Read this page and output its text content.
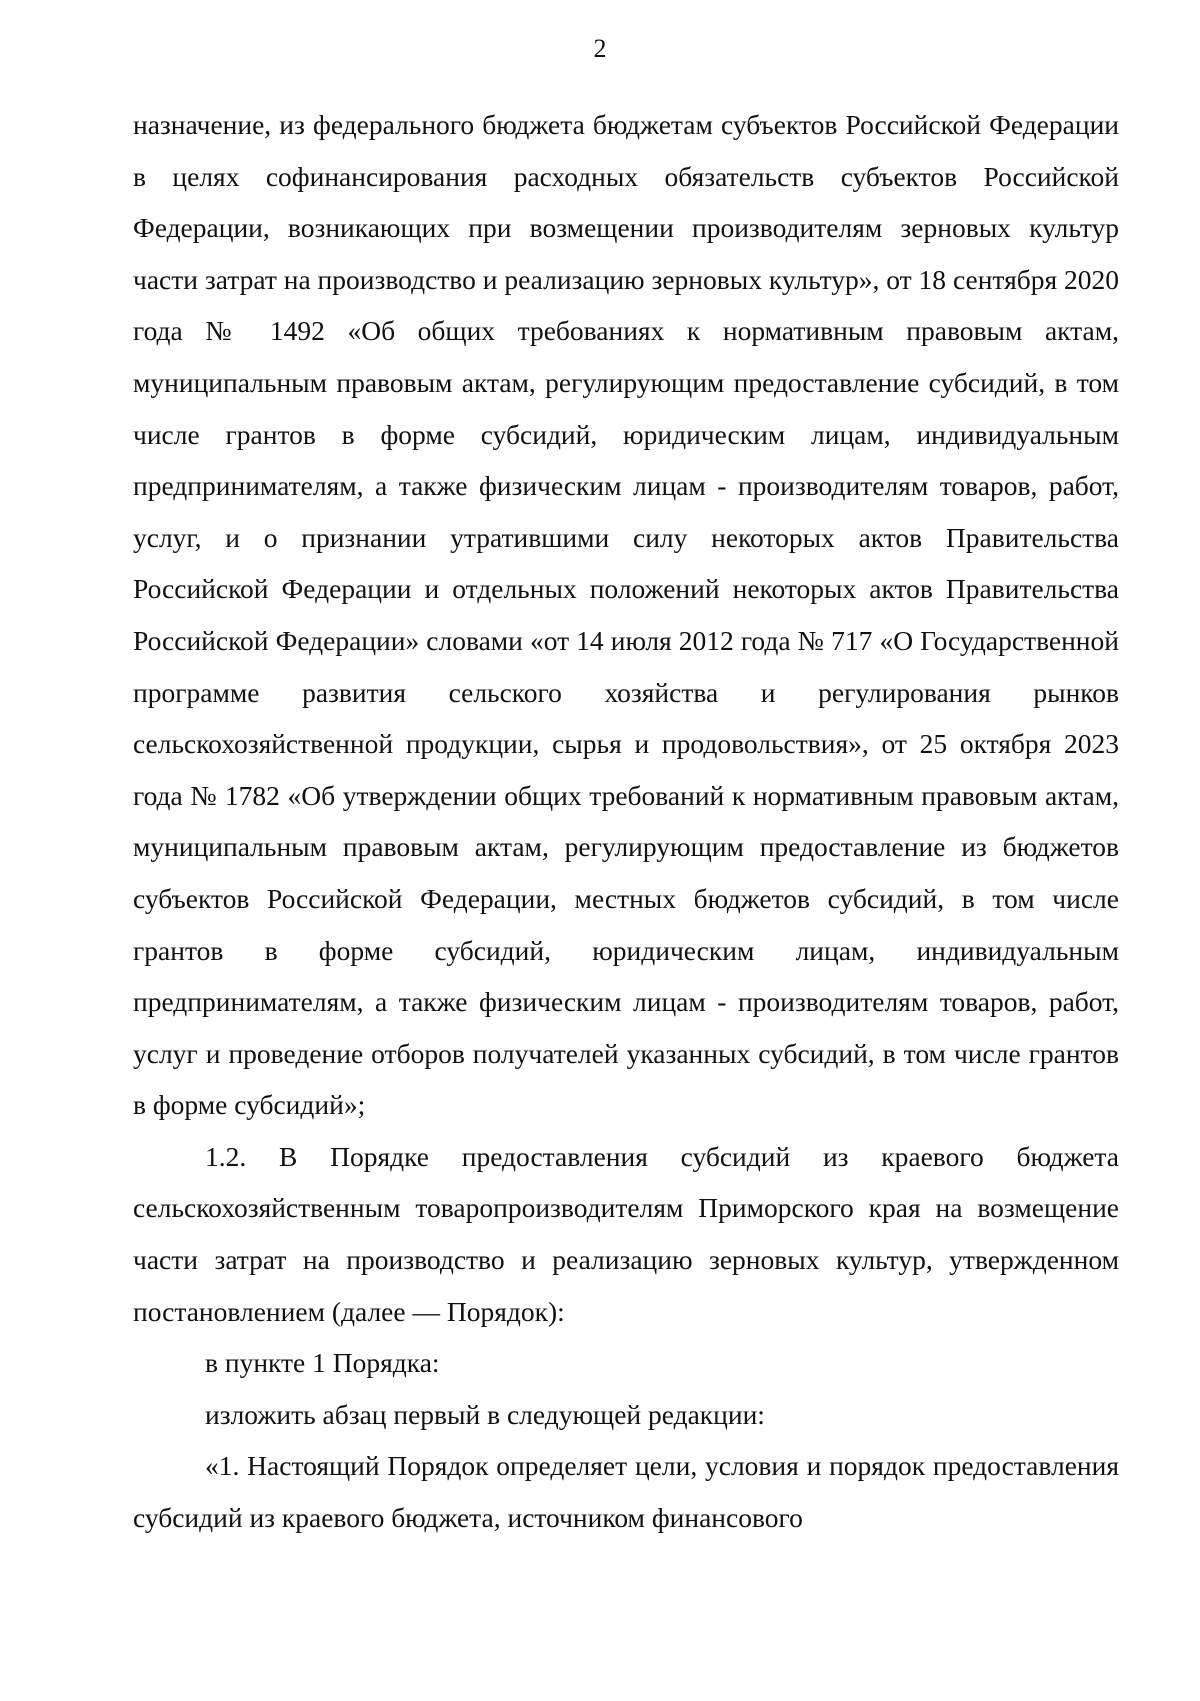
2

назначение, из федерального бюджета бюджетам субъектов Российской Федерации в целях софинансирования расходных обязательств субъектов Российской Федерации, возникающих при возмещении производителям зерновых культур части затрат на производство и реализацию зерновых культур», от 18 сентября 2020 года № 1492 «Об общих требованиях к нормативным правовым актам, муниципальным правовым актам, регулирующим предоставление субсидий, в том числе грантов в форме субсидий, юридическим лицам, индивидуальным предпринимателям, а также физическим лицам - производителям товаров, работ, услуг, и о признании утратившими силу некоторых актов Правительства Российской Федерации и отдельных положений некоторых актов Правительства Российской Федерации» словами «от 14 июля 2012 года № 717 «О Государственной программе развития сельского хозяйства и регулирования рынков сельскохозяйственной продукции, сырья и продовольствия», от 25 октября 2023 года № 1782 «Об утверждении общих требований к нормативным правовым актам, муниципальным правовым актам, регулирующим предоставление из бюджетов субъектов Российской Федерации, местных бюджетов субсидий, в том числе грантов в форме субсидий, юридическим лицам, индивидуальным предпринимателям, а также физическим лицам - производителям товаров, работ, услуг и проведение отборов получателей указанных субсидий, в том числе грантов в форме субсидий»;

1.2. В Порядке предоставления субсидий из краевого бюджета сельскохозяйственным товаропроизводителям Приморского края на возмещение части затрат на производство и реализацию зерновых культур, утвержденном постановлением (далее — Порядок):

в пункте 1 Порядка:

изложить абзац первый в следующей редакции:

«1. Настоящий Порядок определяет цели, условия и порядок предоставления субсидий из краевого бюджета, источником финансового
